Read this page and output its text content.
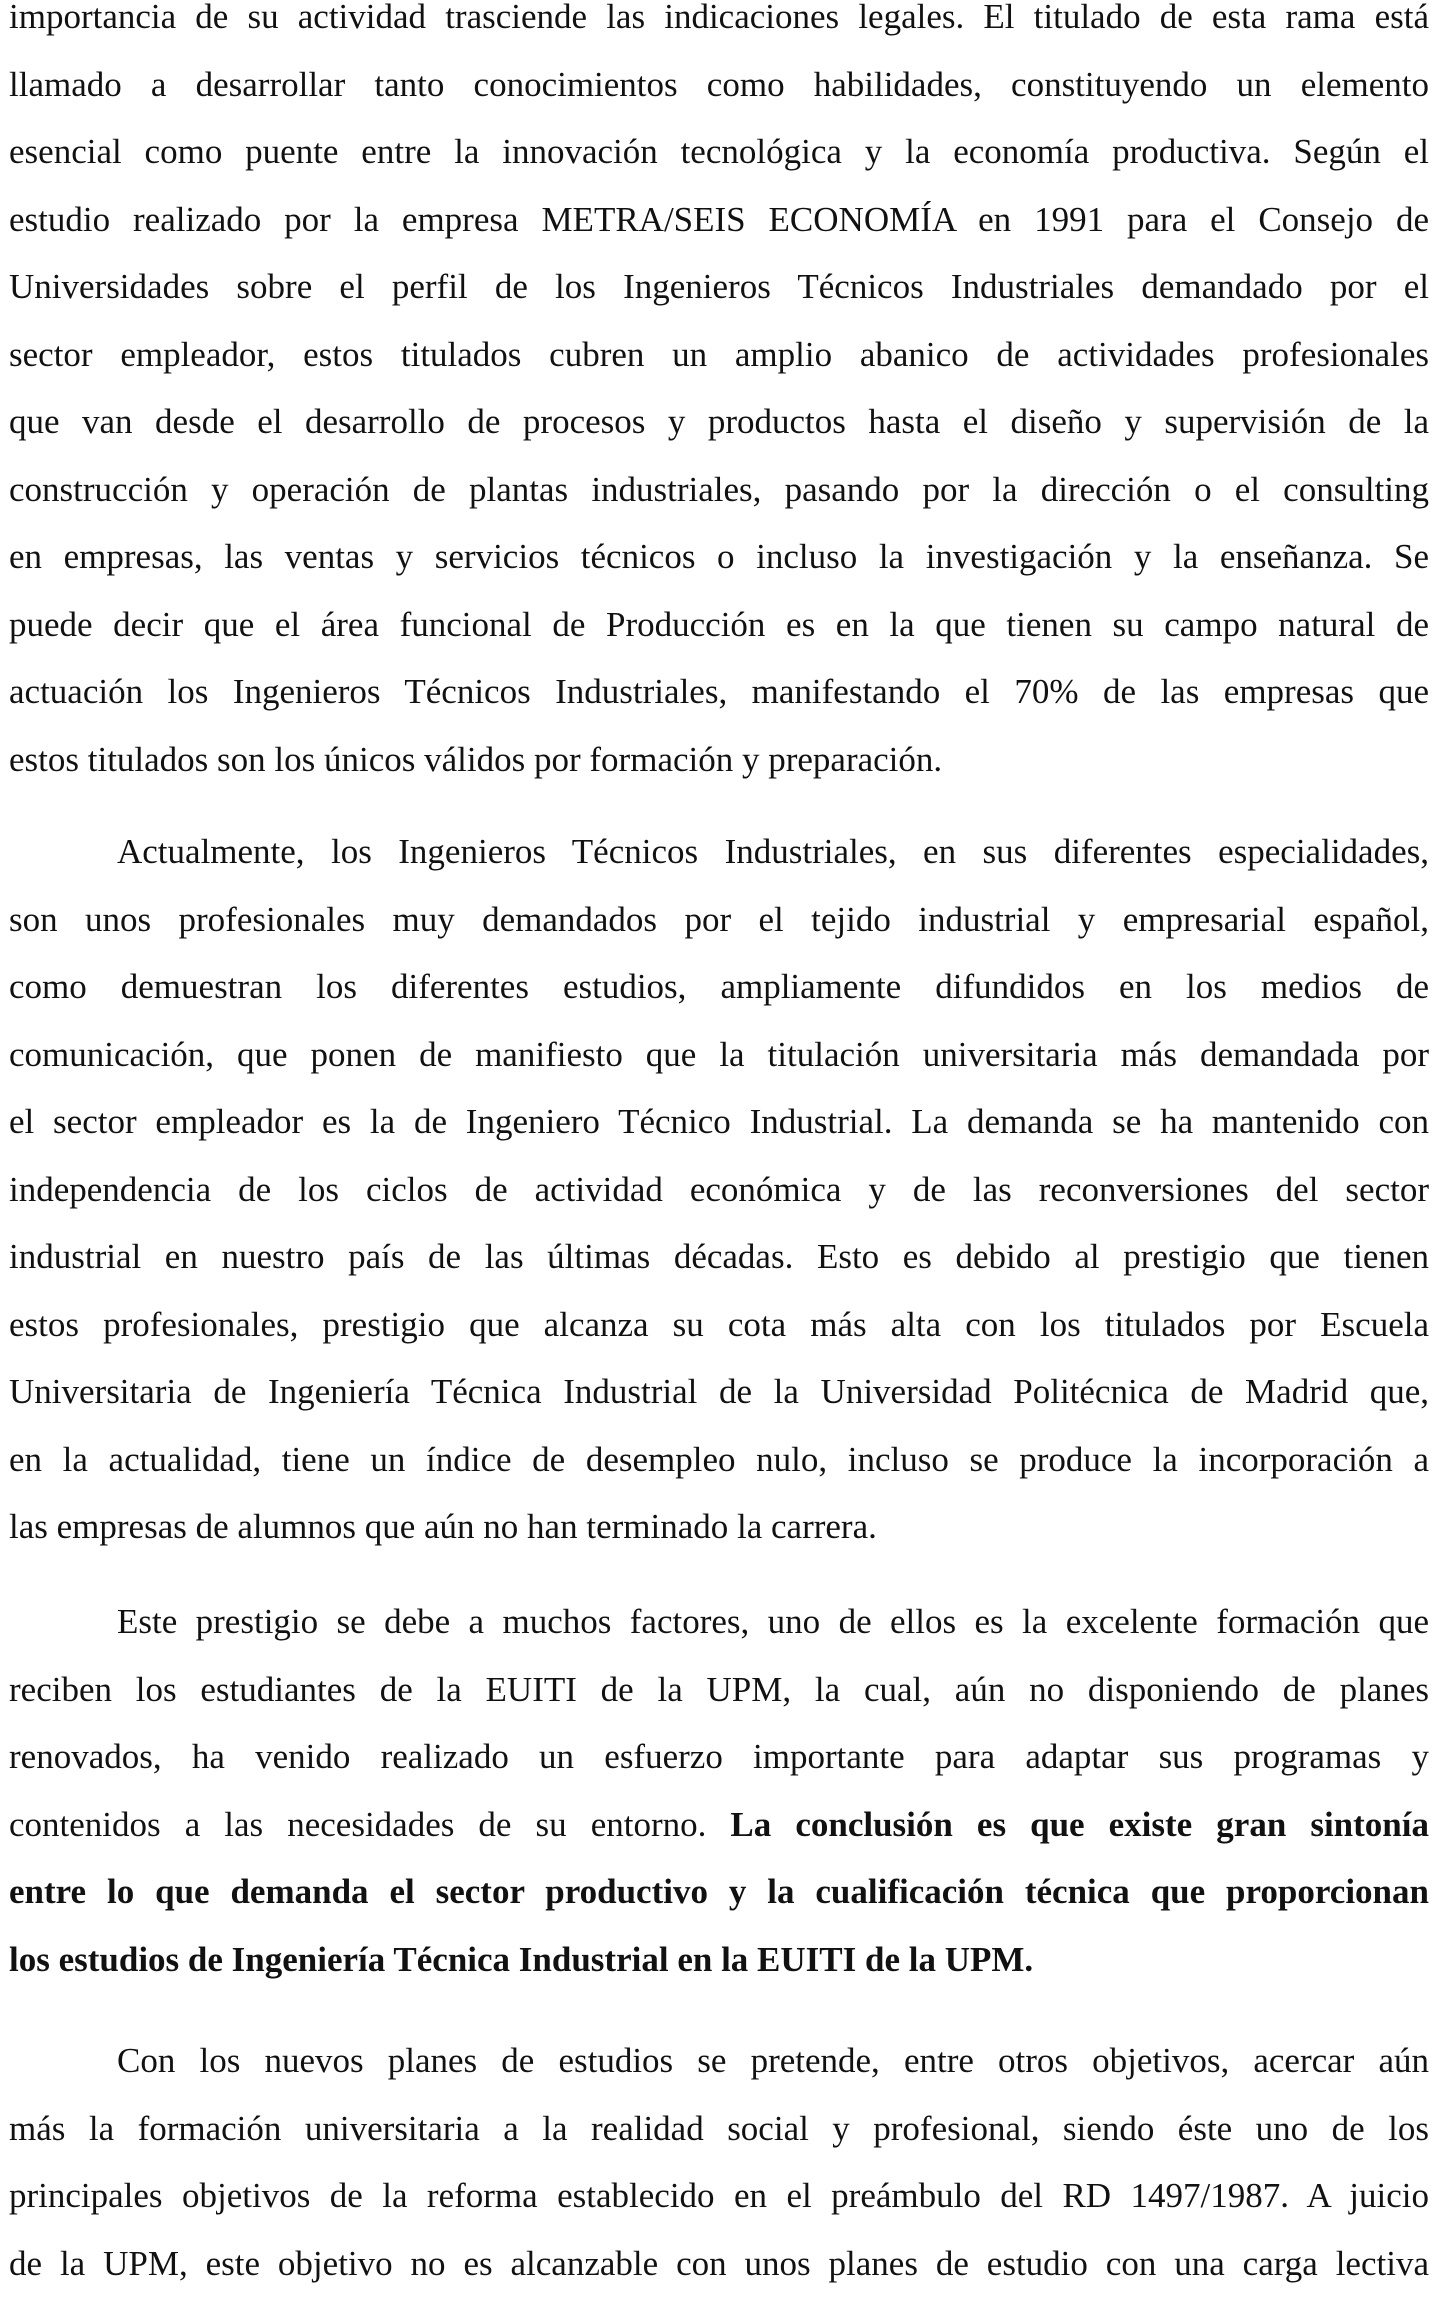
importancia de su actividad trasciende las indicaciones legales. El titulado de esta rama está
llamado a desarrollar tanto conocimientos como habilidades, constituyendo un elemento
esencial como puente entre la innovación tecnológica y la economía productiva. Según el
estudio realizado por la empresa METRA/SEIS ECONOMÍA en 1991 para el Consejo de
Universidades sobre el perfil de los Ingenieros Técnicos Industriales demandado por el
sector empleador, estos titulados cubren un amplio abanico de actividades profesionales
que van desde el desarrollo de procesos y productos hasta el diseño y supervisión de la
construcción y operación de plantas industriales, pasando por la dirección o el consulting
en empresas, las ventas y servicios técnicos o incluso la investigación y la enseñanza. Se
puede decir que el área funcional de Producción es en la que tienen su campo natural de
actuación los Ingenieros Técnicos Industriales, manifestando el 70% de las empresas que
estos titulados son los únicos válidos por formación y preparación.
Actualmente, los Ingenieros Técnicos Industriales, en sus diferentes especialidades,
son unos profesionales muy demandados por el tejido industrial y empresarial español,
como demuestran los diferentes estudios, ampliamente difundidos en los medios de
comunicación, que ponen de manifiesto que la titulación universitaria más demandada por
el sector empleador es la de Ingeniero Técnico Industrial. La demanda se ha mantenido con
independencia de los ciclos de actividad económica y de las reconversiones del sector
industrial en nuestro país de las últimas décadas. Esto es debido al prestigio que tienen
estos profesionales, prestigio que alcanza su cota más alta con los titulados por Escuela
Universitaria de Ingeniería Técnica Industrial de la Universidad Politécnica de Madrid que,
en la actualidad, tiene un índice de desempleo nulo, incluso se produce la incorporación a
las empresas de alumnos que aún no han terminado la carrera.
Este prestigio se debe a muchos factores, uno de ellos es la excelente formación que
reciben los estudiantes de la EUITI de la UPM, la cual, aún no disponiendo de planes
renovados, ha venido realizado un esfuerzo importante para adaptar sus programas y
contenidos a las necesidades de su entorno. La conclusión es que existe gran sintonía
entre lo que demanda el sector productivo y la cualificación técnica que proporcionan
los estudios de Ingeniería Técnica Industrial en la EUITI de la UPM.
Con los nuevos planes de estudios se pretende, entre otros objetivos, acercar aún
más la formación universitaria a la realidad social y profesional, siendo éste uno de los
principales objetivos de la reforma establecido en el preámbulo del RD 1497/1987. A juicio
de la UPM, este objetivo no es alcanzable con unos planes de estudio con una carga lectiva
